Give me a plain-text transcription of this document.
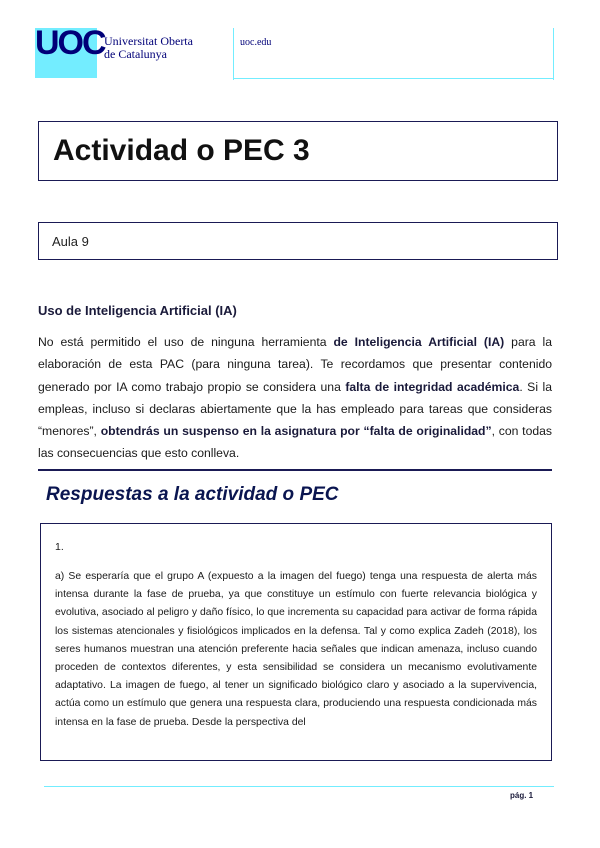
UOC Universitat Oberta
de Catalunya
uoc.edu
Actividad o PEC 3
Aula 9
Uso de Inteligencia Artificial (IA)

No está permitido el uso de ninguna herramienta de Inteligencia Artificial (IA) para la elaboración de esta PAC (para ninguna tarea). Te recordamos que presentar contenido generado por IA como trabajo propio se considera una falta de integridad académica. Si la empleas, incluso si declaras abiertamente que la has empleado para tareas que consideras “menores”, obtendrás un suspenso en la asignatura por “falta de originalidad”, con todas las consecuencias que esto conlleva.

Respuestas a la actividad o PEC
1.

a) Se esperaría que el grupo A (expuesto a la imagen del fuego) tenga una respuesta de alerta más intensa durante la fase de prueba, ya que constituye un estímulo con fuerte relevancia biológica y evolutiva, asociado al peligro y daño físico, lo que incrementa su capacidad para activar de forma rápida los sistemas atencionales y fisiológicos implicados en la defensa. Tal y como explica Zadeh (2018), los seres humanos muestran una atención preferente hacia señales que indican amenaza, incluso cuando proceden de contextos diferentes, y esta sensibilidad se considera un mecanismo evolutivamente adaptativo. La imagen de fuego, al tener un significado biológico claro y asociado a la supervivencia, actúa como un estímulo que genera una respuesta clara, produciendo una respuesta condicionada más intensa en la fase de prueba. Desde la perspectiva del

pág. 1
